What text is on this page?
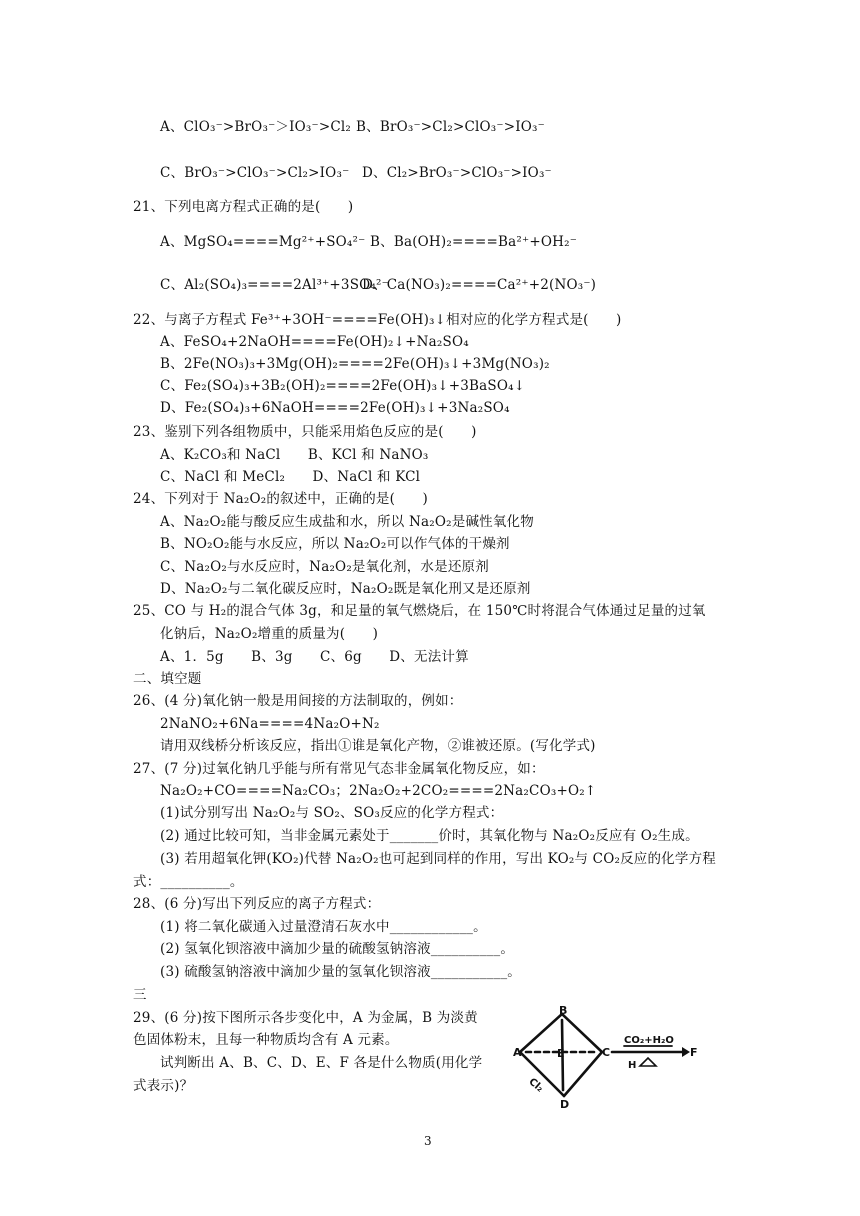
A、ClO₃⁻>BrO₃⁻＞IO₃⁻>Cl₂ B、BrO₃⁻>Cl₂>ClO₃⁻>IO₃⁻
C、BrO₃⁻>ClO₃⁻>Cl₂>IO₃⁻ D、Cl₂>BrO₃⁻>ClO₃⁻>IO₃⁻
21、下列电离方程式正确的是(　　)
A、MgSO₄====Mg²⁺+SO₄²⁻ B、Ba(OH)₂====Ba²⁺+OH₂⁻
C、Al₂(SO₄)₃====2Al³⁺+3SO₄²⁻
D、Ca(NO₃)₂====Ca²⁺+2(NO₃⁻)
22、与离子方程式 Fe³⁺+3OH⁻====Fe(OH)₃↓相对应的化学方程式是(　　)
A、FeSO₄+2NaOH====Fe(OH)₂↓+Na₂SO₄
B、2Fe(NO₃)₃+3Mg(OH)₂====2Fe(OH)₃↓+3Mg(NO₃)₂
C、Fe₂(SO₄)₃+3B₂(OH)₂====2Fe(OH)₃↓+3BaSO₄↓
D、Fe₂(SO₄)₃+6NaOH====2Fe(OH)₃↓+3Na₂SO₄
23、鉴别下列各组物质中，只能采用焰色反应的是(　　)
A、K₂CO₃和 NaCl　　B、KCl 和 NaNO₃
C、NaCl 和 MeCl₂　　D、NaCl 和 KCl
24、下列对于 Na₂O₂的叙述中，正确的是(　　)
A、Na₂O₂能与酸反应生成盐和水，所以 Na₂O₂是碱性氧化物
B、NO₂O₂能与水反应，所以 Na₂O₂可以作气体的干燥剂
C、Na₂O₂与水反应时，Na₂O₂是氧化剂，水是还原剂
D、Na₂O₂与二氧化碳反应时，Na₂O₂既是氧化刑又是还原剂
25、CO 与 H₂的混合气体 3g，和足量的氧气燃烧后，在 150℃时将混合气体通过足量的过氧
化钠后，Na₂O₂增重的质量为(　　)
A、1．5g　　B、3g　　C、6g　　D、无法计算
二、填空题
26、(4 分)氧化钠一般是用间接的方法制取的，例如：
2NaNO₂+6Na====4Na₂O+N₂
请用双线桥分析该反应，指出①谁是氧化产物，②谁被还原。(写化学式)
27、(7 分)过氧化钠几乎能与所有常见气态非金属氧化物反应，如：
Na₂O₂+CO====Na₂CO₃；2Na₂O₂+2CO₂====2Na₂CO₃+O₂↑
(1)试分别写出 Na₂O₂与 SO₂、SO₃反应的化学方程式：
(2) 通过比较可知，当非金属元素处于_______价时，其氧化物与 Na₂O₂反应有 O₂生成。
(3) 若用超氧化钾(KO₂)代替 Na₂O₂也可起到同样的作用，写出 KO₂与 CO₂反应的化学方程
式：__________。
28、(6 分)写出下列反应的离子方程式：
(1) 将二氧化碳通入过量澄清石灰水中____________。
(2) 氢氧化钡溶液中滴加少量的硫酸氢钠溶液__________。
(3) 硫酸氢钠溶液中滴加少量的氢氧化钡溶液___________。
三
29、(6 分)按下图所示各步变化中，A 为金属，B 为淡黄
色固体粉末，且每一种物质均含有 A 元素。
试判断出 A、B、C、D、E、F 各是什么物质(用化学
式表示)？
B
A	E	C
D
F
CO₂+H₂O
Cl₂
H
3
